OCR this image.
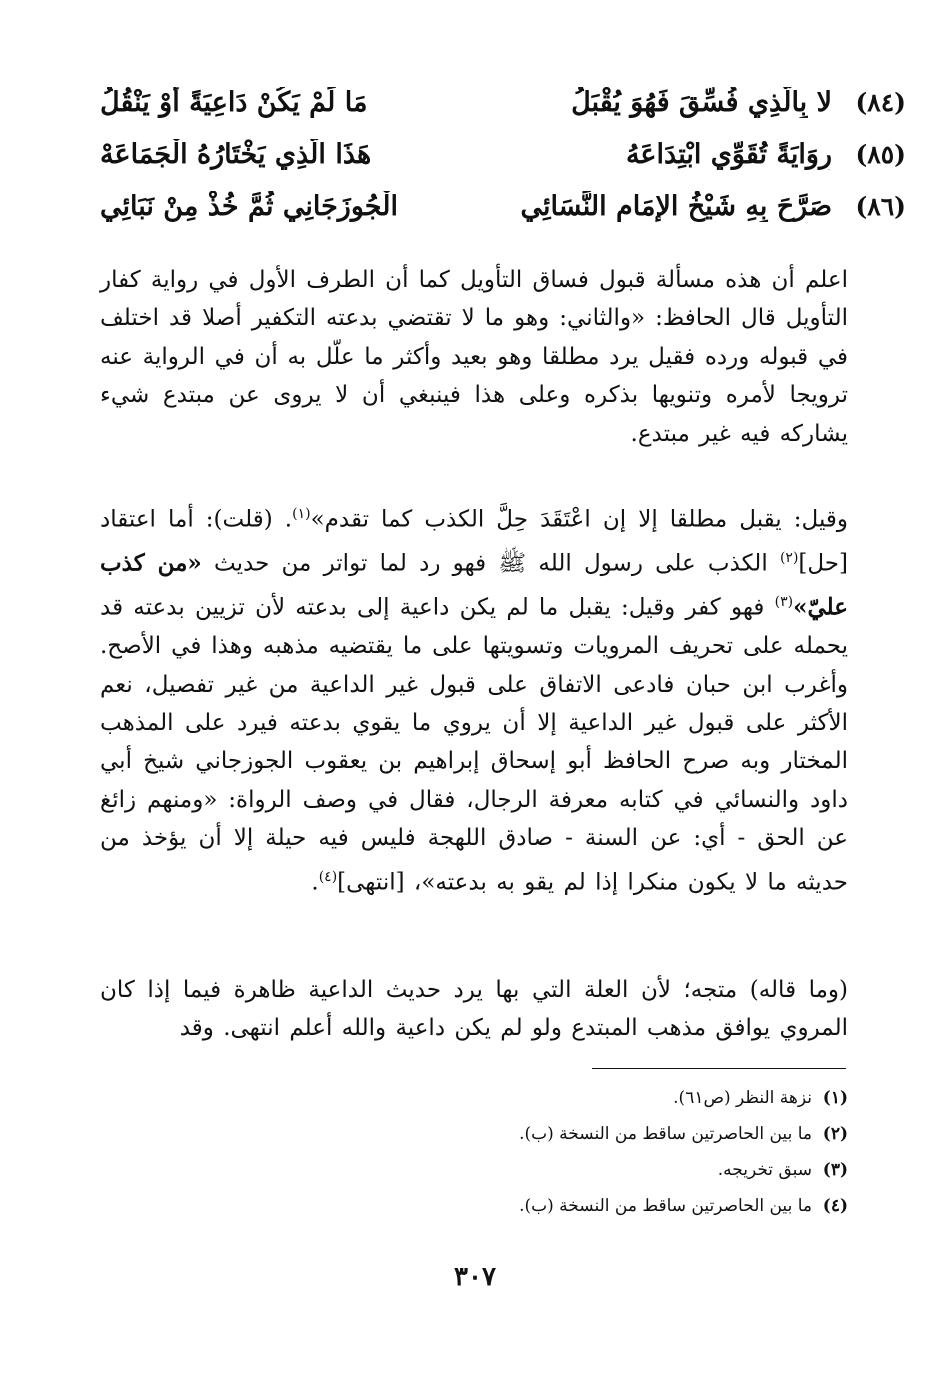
(٨٤)
لا بِالَّذِي فُسِّقَ فَهُوَ يُقْبَلُ
مَا لَمْ يَكُنْ دَاعِيَةً أَوْ يَنْقُلُ
(٨٥)
رِوَايَةً تُقَوِّي ابْتِدَاعَهُ
هَذَا الَّذِي يَخْتَارُهُ الْجَمَاعَهْ
(٨٦)
صَرَّحَ بِهِ شَيْخُ الإِمَامِ النَّسَائِي
الْجُوزَجَانِي ثُمَّ خُذْ مِنْ نَبَائِي

اعلم أن هذه مسألة قبول فساق التأويل كما أن الطرف الأول في رواية كفار التأويل قال الحافظ: «والثاني: وهو ما لا تقتضي بدعته التكفير أصلا قد اختلف في قبوله ورده فقيل يرد مطلقا وهو بعيد وأكثر ما علّل به أن في الرواية عنه ترويجا لأمره وتنويها بذكره وعلى هذا فينبغي أن لا يروى عن مبتدع شيء يشاركه فيه غير مبتدع.

وقيل: يقبل مطلقا إلا إن اعْتَقَدَ حِلَّ الكذب كما تقدم»$^{(١)}$. (قلت): أما اعتقاد [حل]$^{(٢)}$ الكذب على رسول الله ﷺ فهو رد لما تواتر من حديث «من كذب عليّ»$^{(٣)}$ فهو كفر وقيل: يقبل ما لم يكن داعية إلى بدعته لأن تزيين بدعته قد يحمله على تحريف المرويات وتسويتها على ما يقتضيه مذهبه وهذا في الأصح. وأغرب ابن حبان فادعى الاتفاق على قبول غير الداعية من غير تفصيل، نعم الأكثر على قبول غير الداعية إلا أن يروي ما يقوي بدعته فيرد على المذهب المختار وبه صرح الحافظ أبو إسحاق إبراهيم بن يعقوب الجوزجاني شيخ أبي داود والنسائي في كتابه معرفة الرجال، فقال في وصف الرواة: «ومنهم زائغ عن الحق - أي: عن السنة - صادق اللهجة فليس فيه حيلة إلا أن يؤخذ من حديثه ما لا يكون منكرا إذا لم يقو به بدعته»، [انتهى]$^{(٤)}$.

(وما قاله) متجه؛ لأن العلة التي بها يرد حديث الداعية ظاهرة فيما إذا كان المروي يوافق مذهب المبتدع ولو لم يكن داعية والله أعلم انتهى. وقد

(١)
نزهة النظر (ص٦١).
(٢)
ما بين الحاصرتين ساقط من النسخة (ب).
(٣)
سبق تخريجه.
(٤)
ما بين الحاصرتين ساقط من النسخة (ب).
٣٠٧
